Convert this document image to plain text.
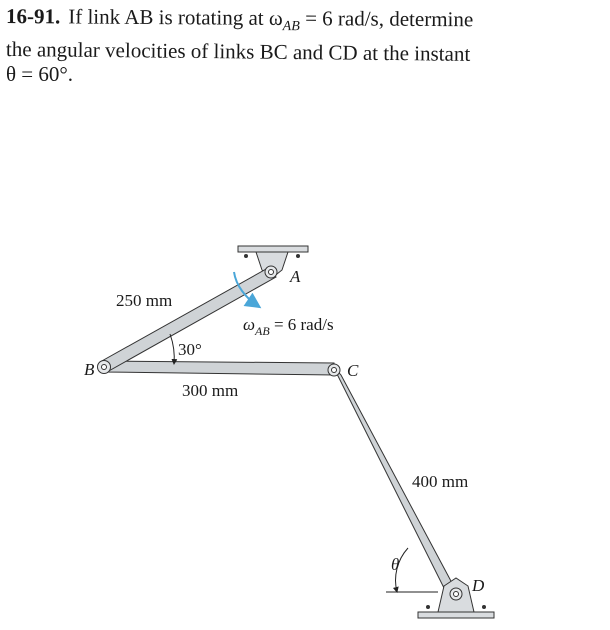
16-91. If link AB is rotating at $\omega_{AB} = 6$ rad/s, determine
the angular velocities of links BC and CD at the instant
θ = 60°.
A
B	C
D
250 mm
300 mm
400 mm
30°
θ
$\omega_{AB} = 6$ rad/s
